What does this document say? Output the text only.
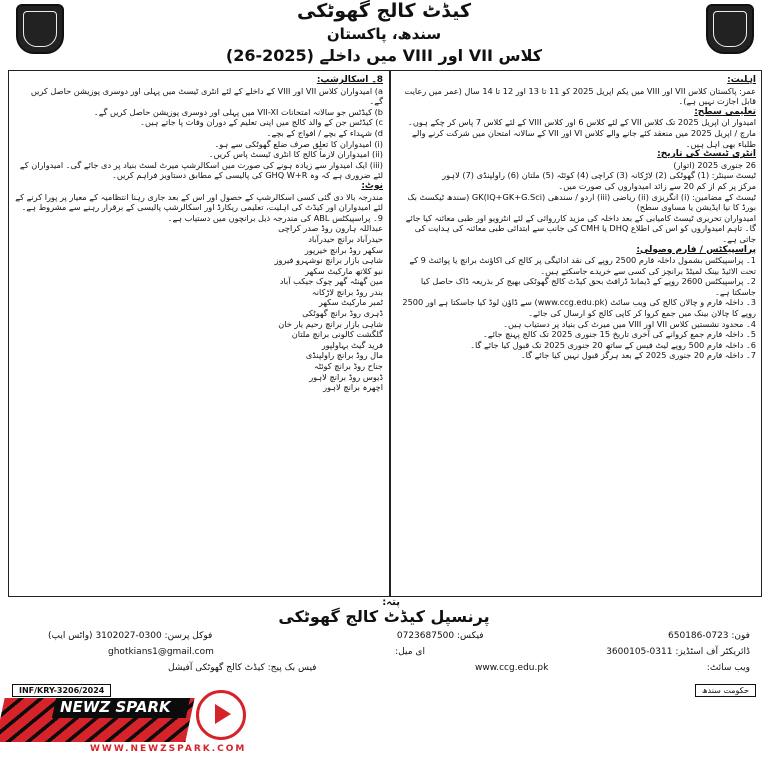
کیڈٹ کالج گھوٹکی
سندھ، پاکستان
کلاس VII اور VIII میں داخلے (2025-26)

اہلیت:

عمر: پاکستان کلاس VII اور VIII میں یکم اپریل 2025 کو 11 تا 13 اور 12 تا 14 سال (عمر میں رعایت قابل اجازت نہیں ہے)۔

تعلیمی سطح:

امیدوار ان اپریل 2025 تک کلاس VII کے لئے کلاس 6 اور کلاس VIII کے لئے کلاس 7 پاس کر چکے ہوں۔ مارچ / اپریل 2025 میں منعقد کئے جانے والے کلاس VI اور VII کے سالانہ امتحان میں شرکت کرنے والے طلباء بھی اہل ہیں۔

انٹری ٹیسٹ کی تاریخ:

26 جنوری 2025 (اتوار)

ٹیسٹ سینٹر: (1) گھوٹکی (2) لاڑکانہ (3) کراچی (4) کوئٹہ (5) ملتان (6) راولپنڈی (7) لاہور

مرکز پر کم از کم 20 سے زائد امیدواروں کی صورت میں۔

ٹیسٹ کے مضامین: (i) انگریزی (ii) ریاضی (iii) اردو / سندھی GK(IQ+GK+G.Sci) (سندھ ٹیکسٹ بک بورڈ کا نیا ایڈیشن یا مساوی سطح)

امیدواران تحریری ٹیسٹ کامیابی کے بعد داخلہ کی مزید کارروائی کے لئے انٹرویو اور طبی معائنہ کیا جائے گا۔ تاہم امیدواروں کو اس کی اطلاع DHQ یا CMH کی جانب سے ابتدائی طبی معائنہ کی ہدایت کی جاتی ہے۔

پراسپیکٹس / فارم وصولی:

1۔ پراسپیکٹس بشمول داخلہ فارم 2500 روپے کی نقد ادائیگی پر کالج کی اکاؤنٹ برانچ یا پوائنٹ 9 کے تحت الائیڈ بینک لمیٹڈ برانچز کی کسی سے خریدے جاسکتے ہیں۔

2۔ پراسپیکٹس 2600 روپے کے ڈیمانڈ ڈرافٹ بحق کیڈٹ کالج گھوٹکی بھیج کر بذریعہ ڈاک حاصل کیا جاسکتا ہے۔

3۔ داخلہ فارم و چالان کالج کی ویب سائٹ (www.ccg.edu.pk) سے ڈاؤن لوڈ کیا جاسکتا ہے اور 2500 روپے کا چالان بینک میں جمع کروا کر کاپی کالج کو ارسال کی جائے۔

4۔ محدود نشستیں کلاس VII اور VIII میں میرٹ کی بنیاد پر دستیاب ہیں۔

5۔ داخلہ فارم جمع کروانے کی آخری تاریخ 15 جنوری 2025 تک کالج پہنچ جائے۔

6۔ داخلہ فارم 500 روپے لیٹ فیس کے ساتھ 20 جنوری 2025 تک قبول کیا جائے گا۔

7۔ داخلہ فارم 20 جنوری 2025 کے بعد ہرگز قبول نہیں کیا جائے گا۔

8۔ اسکالرشپ:

a) امیدواران کلاس VII اور VIII کے داخلے کے لئے انٹری ٹیسٹ میں پہلی اور دوسری پوزیشن حاصل کریں گے۔

b) کیڈٹس جو سالانہ امتحانات VII-XI میں پہلی اور دوسری پوزیشن حاصل کریں گے۔

c) کیڈٹس جن کے والد کالج میں اپنی تعلیم کے دوران وفات پا جاتے ہیں۔

d) شہداء کے بچے / افواج کے بچے۔

(i) امیدواران کا تعلق صرف ضلع گھوٹکی سے ہو۔

(ii) امیدواران لازماً کالج کا انٹری ٹیسٹ پاس کریں۔

(iii) ایک امیدوار سے زیادہ ہونے کی صورت میں اسکالرشپ میرٹ لسٹ بنیاد پر دی جائے گی۔ امیدواران کے لئے ضروری ہے کہ وہ GHQ W+R کی پالیسی کے مطابق دستاویز فراہم کریں۔

نوٹ:

مندرجہ بالا دی گئی کسی اسکالرشپ کے حصول اور اس کے بعد جاری رہنا انتظامیہ کے معیار پر پورا کرنے کے لئے امیدواران اور کیڈٹ کی اہلیت، تعلیمی ریکارڈ اور اسکالرشپ پالیسی کے برقرار رہنے سے مشروط ہے۔

9۔ پراسپیکٹس ABL کی مندرجہ ذیل برانچوں میں دستیاب ہے۔

عبداللہ ہارون روڈ صدر کراچی
حیدرآباد برانچ حیدرآباد
سکھر روڈ برانچ خیرپور
شاہی بازار برانچ نوشہرو فیروز
نیو کلاتھ مارکیٹ سکھر
مین گھنٹہ گھر چوک جیکب آباد
بندر روڈ برانچ لاڑکانہ
ٹمبر مارکیٹ سکھر
ڈہری روڈ برانچ گھوٹکی
شاہی بازار برانچ رحیم یار خان
گلگشت کالونی برانچ ملتان
فرید گیٹ بہاولپور
مال روڈ برانچ راولپنڈی
جناح روڈ برانچ کوئٹہ
ڈیوس روڈ برانچ لاہور
اچھرہ برانچ لاہور
پتہ:
پرنسپل کیڈٹ کالج گھوٹکی
فون: 0723-650186
فیکس: 0723687500
فوکل پرسن: 0300-3102027 (واٹس ایپ)
ڈائریکٹر آف اسٹڈیز: 0311-3600105
ای میل:
ghotkians1@gmail.com
ویب سائٹ:
www.ccg.edu.pk
فیس بک پیج: کیڈٹ کالج گھوٹکی آفیشل
INF/KRY-3206/2024	حکومت سندھ
NEWZ SPARK
WWW.NEWZSPARK.COM
